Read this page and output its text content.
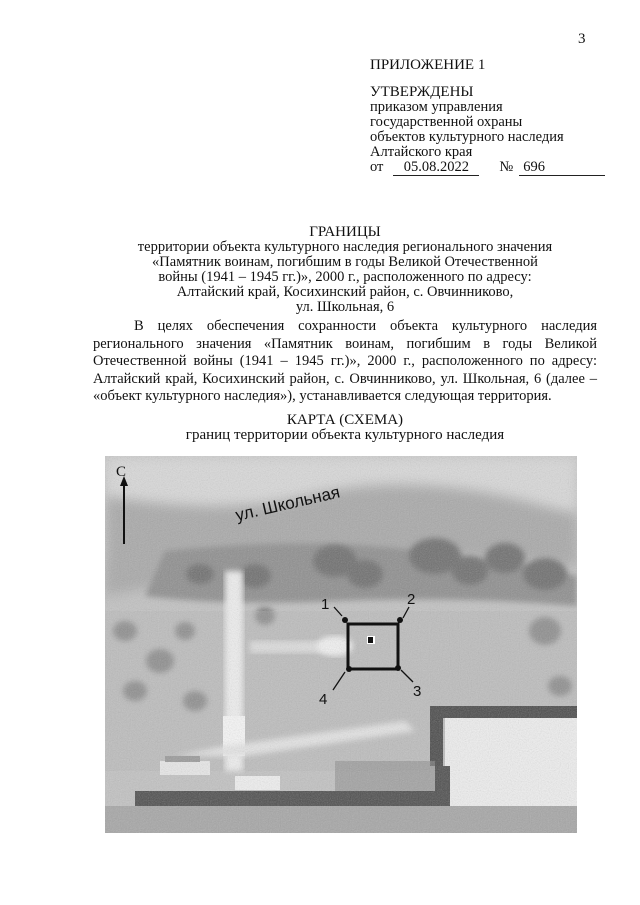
3
ПРИЛОЖЕНИЕ 1
УТВЕРЖДЕНЫ
приказом управления
государственной охраны
объектов культурного наследия
Алтайского края
от 05.08.2022 № 696
ГРАНИЦЫ
территории объекта культурного наследия регионального значения
«Памятник воинам, погибшим в годы Великой Отечественной
войны (1941 – 1945 гг.)», 2000 г., расположенного по адресу:
Алтайский край, Косихинский район, с. Овчинниково,
ул. Школьная, 6
В целях обеспечения сохранности объекта культурного наследия регионального значения «Памятник воинам, погибшим в годы Великой Отечественной войны (1941 – 1945 гг.)», 2000 г., расположенного по адресу: Алтайский край, Косихинский район, с. Овчинниково, ул. Школьная, 6 (далее – «объект культурного наследия»), устанавливается следующая территория.
КАРТА (СХЕМА)
границ территории объекта культурного наследия
С
ул. Школьная
1	2
3
4
